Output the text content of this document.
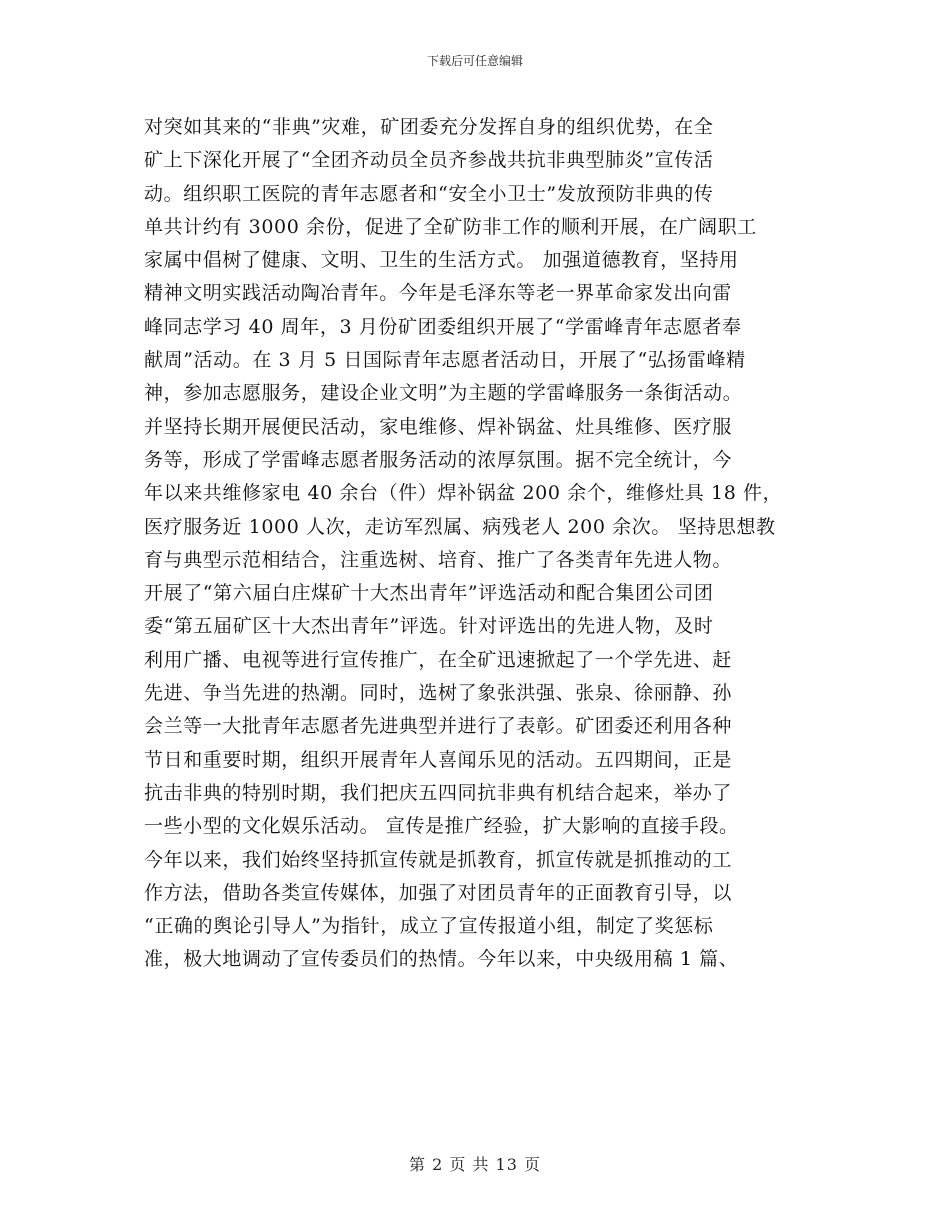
下载后可任意编辑
对突如其来的“非典”灾难，矿团委充分发挥自身的组织优势，在全
矿上下深化开展了“全团齐动员全员齐参战共抗非典型肺炎”宣传活
动。组织职工医院的青年志愿者和“安全小卫士”发放预防非典的传
单共计约有 3000 余份，促进了全矿防非工作的顺利开展，在广阔职工
家属中倡树了健康、文明、卫生的生活方式。 加强道德教育，坚持用
精神文明实践活动陶冶青年。今年是毛泽东等老一界革命家发出向雷
峰同志学习 40 周年，3 月份矿团委组织开展了“学雷峰青年志愿者奉
献周”活动。在 3 月 5 日国际青年志愿者活动日，开展了“弘扬雷峰精
神，参加志愿服务，建设企业文明”为主题的学雷峰服务一条街活动。
并坚持长期开展便民活动，家电维修、焊补锅盆、灶具维修、医疗服
务等，形成了学雷峰志愿者服务活动的浓厚氛围。据不完全统计，今
年以来共维修家电 40 余台（件）焊补锅盆 200 余个，维修灶具 18 件，
医疗服务近 1000 人次，走访军烈属、病残老人 200 余次。 坚持思想教
育与典型示范相结合，注重选树、培育、推广了各类青年先进人物。
开展了“第六届白庄煤矿十大杰出青年”评选活动和配合集团公司团
委“第五届矿区十大杰出青年”评选。针对评选出的先进人物，及时
利用广播、电视等进行宣传推广，在全矿迅速掀起了一个学先进、赶
先进、争当先进的热潮。同时，选树了象张洪强、张泉、徐丽静、孙
会兰等一大批青年志愿者先进典型并进行了表彰。矿团委还利用各种
节日和重要时期，组织开展青年人喜闻乐见的活动。五四期间，正是
抗击非典的特别时期，我们把庆五四同抗非典有机结合起来，举办了
一些小型的文化娱乐活动。 宣传是推广经验，扩大影响的直接手段。
今年以来，我们始终坚持抓宣传就是抓教育，抓宣传就是抓推动的工
作方法，借助各类宣传媒体，加强了对团员青年的正面教育引导，以
“正确的舆论引导人”为指针，成立了宣传报道小组，制定了奖惩标
准，极大地调动了宣传委员们的热情。今年以来，中央级用稿 1 篇、
第 2 页 共 13 页
